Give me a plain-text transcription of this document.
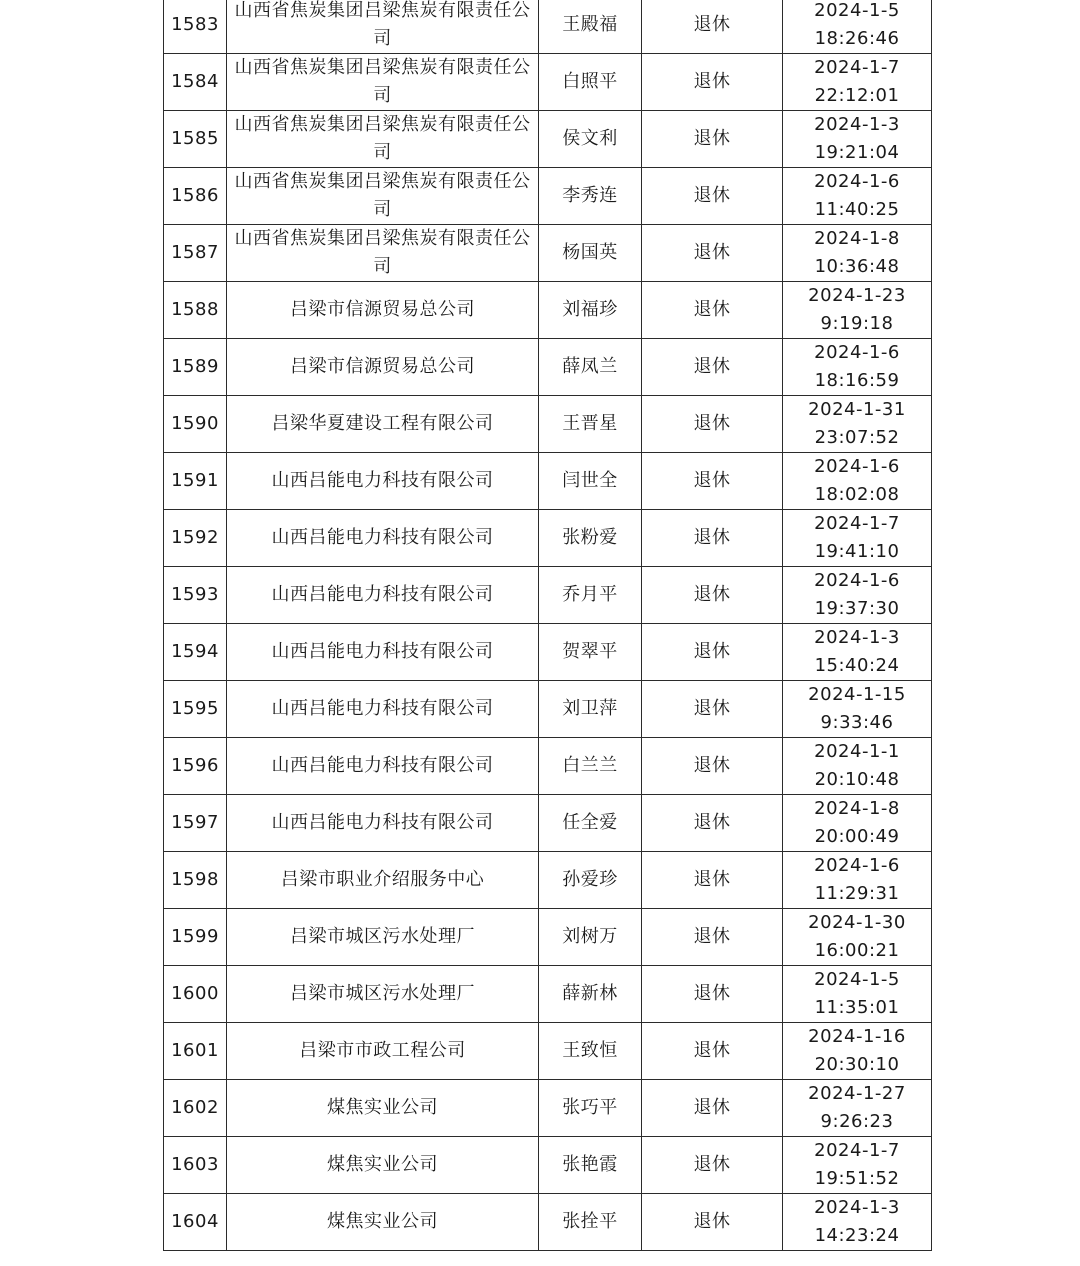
1583	山西省焦炭集团吕梁焦炭有限责任公司	王殿福	退休	2024-1-5
18:26:46

1584	山西省焦炭集团吕梁焦炭有限责任公司	白照平	退休	2024-1-7
22:12:01

1585	山西省焦炭集团吕梁焦炭有限责任公司	侯文利	退休	2024-1-3
19:21:04

1586	山西省焦炭集团吕梁焦炭有限责任公司	李秀连	退休	2024-1-6
11:40:25

1587	山西省焦炭集团吕梁焦炭有限责任公司	杨国英	退休	2024-1-8
10:36:48

1588	吕梁市信源贸易总公司	刘福珍	退休	2024-1-23
9:19:18

1589	吕梁市信源贸易总公司	薛凤兰	退休	2024-1-6
18:16:59

1590	吕梁华夏建设工程有限公司	王晋星	退休	2024-1-31
23:07:52

1591	山西吕能电力科技有限公司	闫世全	退休	2024-1-6
18:02:08

1592	山西吕能电力科技有限公司	张粉爱	退休	2024-1-7
19:41:10

1593	山西吕能电力科技有限公司	乔月平	退休	2024-1-6
19:37:30

1594	山西吕能电力科技有限公司	贺翠平	退休	2024-1-3
15:40:24

1595	山西吕能电力科技有限公司	刘卫萍	退休	2024-1-15
9:33:46

1596	山西吕能电力科技有限公司	白兰兰	退休	2024-1-1
20:10:48

1597	山西吕能电力科技有限公司	任全爱	退休	2024-1-8
20:00:49

1598	吕梁市职业介绍服务中心	孙爱珍	退休	2024-1-6
11:29:31

1599	吕梁市城区污水处理厂	刘树万	退休	2024-1-30
16:00:21

1600	吕梁市城区污水处理厂	薛新林	退休	2024-1-5
11:35:01

1601	吕梁市市政工程公司	王致恒	退休	2024-1-16
20:30:10

1602	煤焦实业公司	张巧平	退休	2024-1-27
9:26:23

1603	煤焦实业公司	张艳霞	退休	2024-1-7
19:51:52

1604	煤焦实业公司	张拴平	退休	2024-1-3
14:23:24
